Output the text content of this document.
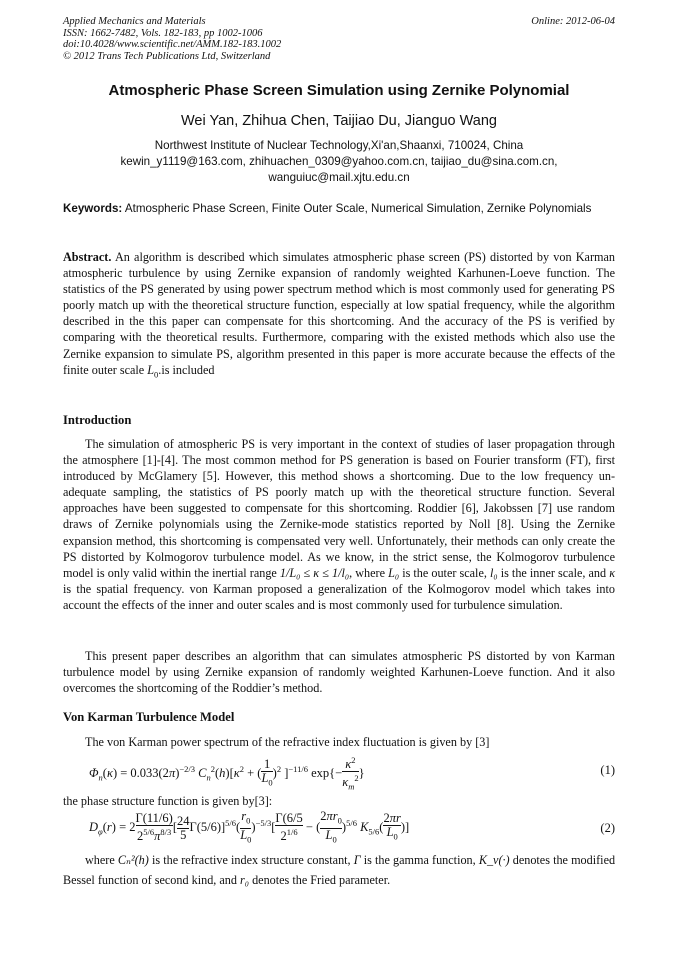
Applied Mechanics and Materials
ISSN: 1662-7482, Vols. 182-183, pp 1002-1006
doi:10.4028/www.scientific.net/AMM.182-183.1002
© 2012 Trans Tech Publications Ltd, Switzerland
Online: 2012-06-04
Atmospheric Phase Screen Simulation using Zernike Polynomial
Wei Yan, Zhihua Chen, Taijiao Du, Jianguo Wang
Northwest Institute of Nuclear Technology,Xi'an,Shaanxi, 710024, China
kewin_y1119@163.com, zhihuachen_0309@yahoo.com.cn, taijiao_du@sina.com.cn,
wanguiuc@mail.xjtu.edu.cn
Keywords: Atmospheric Phase Screen, Finite Outer Scale, Numerical Simulation, Zernike Polynomials
Abstract. An algorithm is described which simulates atmospheric phase screen (PS) distorted by von Karman atmospheric turbulence by using Zernike expansion of randomly weighted Karhunen-Loeve function. The statistics of the PS generated by using power spectrum method which is most commonly used for generating PS poorly match up with the theoretical structure function, especially at low spatial frequency, while the algorithm described in the this paper can compensate for this shortcoming. And the accuracy of the PS is verified by comparing with the theoretical results. Furthermore, comparing with the existed methods which also use the Zernike expansion to simulate PS, algorithm presented in this paper is more accurate because the effects of the finite outer scale $L_0.is$ included
Introduction
The simulation of atmospheric PS is very important in the context of studies of laser propagation through the atmosphere [1]-[4]. The most common method for PS generation is based on Fourier transform (FT), first introduced by McGlamery [5]. However, this method shows a shortcoming. Due to the low frequency un-adequate sampling, the statistics of PS poorly match up with the theoretical structure function. Several approaches have been suggested to compensate for this shortcoming. Roddier [6], Jakobssen [7] use random draws of Zernike polynomials using the Zernike-mode statistics reported by Noll [8]. Using the Zernike expansion method, this shortcoming is compensated very well. Unfortunately, their methods can only create the PS distorted by Kolmogorov turbulence model. As we know, in the strict sense, the Kolmogorov turbulence model is only valid within the inertial range 1/L₀ ≤ κ ≤ 1/l₀, where L₀ is the outer scale, l₀ is the inner scale, and κ is the spatial frequency. von Karman proposed a generalization of the Kolmogorov model which takes into account the effects of the inner and outer scales and is most commonly used for turbulence simulation.
This present paper describes an algorithm that can simulates atmospheric PS distorted by von Karman turbulence model by using Zernike expansion of randomly weighted Karhunen-Loeve function. And it also overcomes the shortcoming of the Roddier’s method.
Von Karman Turbulence Model
The von Karman power spectrum of the refractive index fluctuation is given by [3]
$\Phi_n(\kappa) = 0.033(2\pi)^{-2/3}$ $C_n^2(h)[\kappa^2$ + ( $\frac{1}{L_0} )^2$ ]$^{-11/6}$ $\exp\{- \frac{\kappa^2}{\kappa_m^2}$ }	(1)
the phase structure function is given by[3]:
$D_\varphi(r) = 2 \frac{\Gamma(11/6)}{2^{5/6}\pi^{8/3}}$ [ $\frac{24}{5} \Gamma(5/6)]^{5/6}( \frac{r_0}{L_0} )^{-5/3}[ \frac{\Gamma(6/5}{2^{1/6}}$ − ( $\frac{2\pi r_0}{L_0} )^{5/6}$ $K_{5/6}( \frac{2\pi r}{L_0}$ )]	(2)
where Cₙ²(h) is the refractive index structure constant, Γ is the gamma function, K_v(·) denotes the modified Bessel function of second kind, and r₀ denotes the Fried parameter.
